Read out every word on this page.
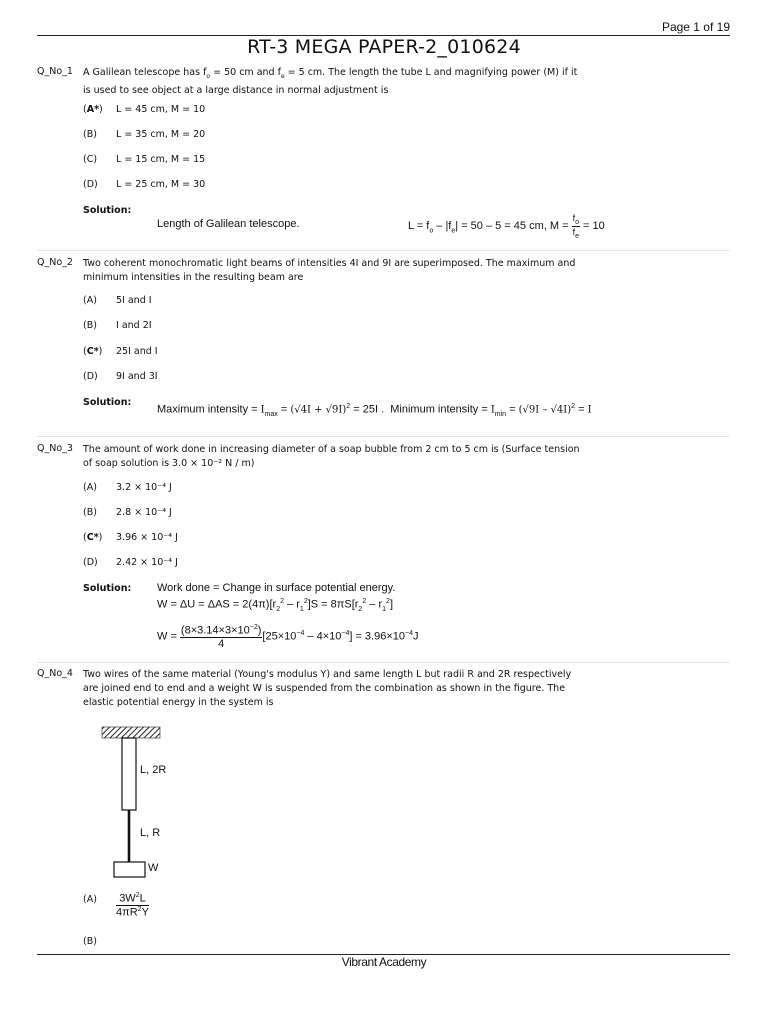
Page 1 of 19
RT-3 MEGA PAPER-2_010624
Q_No_1 A Galilean telescope has $f_o = 50$ cm and $f_e = 5$ cm. The length the tube L and magnifying power (M) if it is used to see object at a large distance in normal adjustment is
(A*) L = 45 cm, M = 10
(B) L = 35 cm, M = 20
(C) L = 15 cm, M = 15
(D) L = 25 cm, M = 30
Solution:
Length of Galilean telescope.	$L = f_o - |f_e| = 50 - 5 = 45$ cm, $M = \frac{f_o}{f_e} = 10$
Q_No_2 Two coherent monochromatic light beams of intensities 4I and 9I are superimposed. The maximum and minimum intensities in the resulting beam are
(A) 5I and I
(B) I and 2I
(C*) 25I and I
(D) 9I and 3I
Solution:
Maximum intensity = $I_{max} = (√4I + √9I)^2 = 25I$ .  Minimum intensity = $I_{min} = (√9I - √4I)^2 = I$
Q_No_3 The amount of work done in increasing diameter of a soap bubble from 2 cm to 5 cm is (Surface tension of soap solution is 3.0 × 10⁻² N / m)
(A) 3.2 × 10⁻⁴ J
(B) 2.8 × 10⁻⁴ J
(C*) 3.96 × 10⁻⁴ J
(D) 2.42 × 10⁻⁴ J
Solution: Work done = Change in surface potential energy.
$W = \Delta U = \Delta AS = 2(4\pi)[r_2^2 - r_1^2]S = 8\pi S[r_2^2 - r_1^2]$
$W = \frac{(8\times 3.14\times 3\times 10^{-2})}{4} [25\times 10^{-4} - 4\times 10^{-4}] = 3.96\times 10^{-4}J$
Q_No_4 Two wires of the same material (Young's modulus Y) and same length L but radii R and 2R respectively are joined end to end and a weight W is suspended from the combination as shown in the figure. The elastic potential energy in the system is
L, 2R
L, R
W
$(A) \frac{3W^2L}{4\pi R^2Y}$
(B)
Vibrant Academy
